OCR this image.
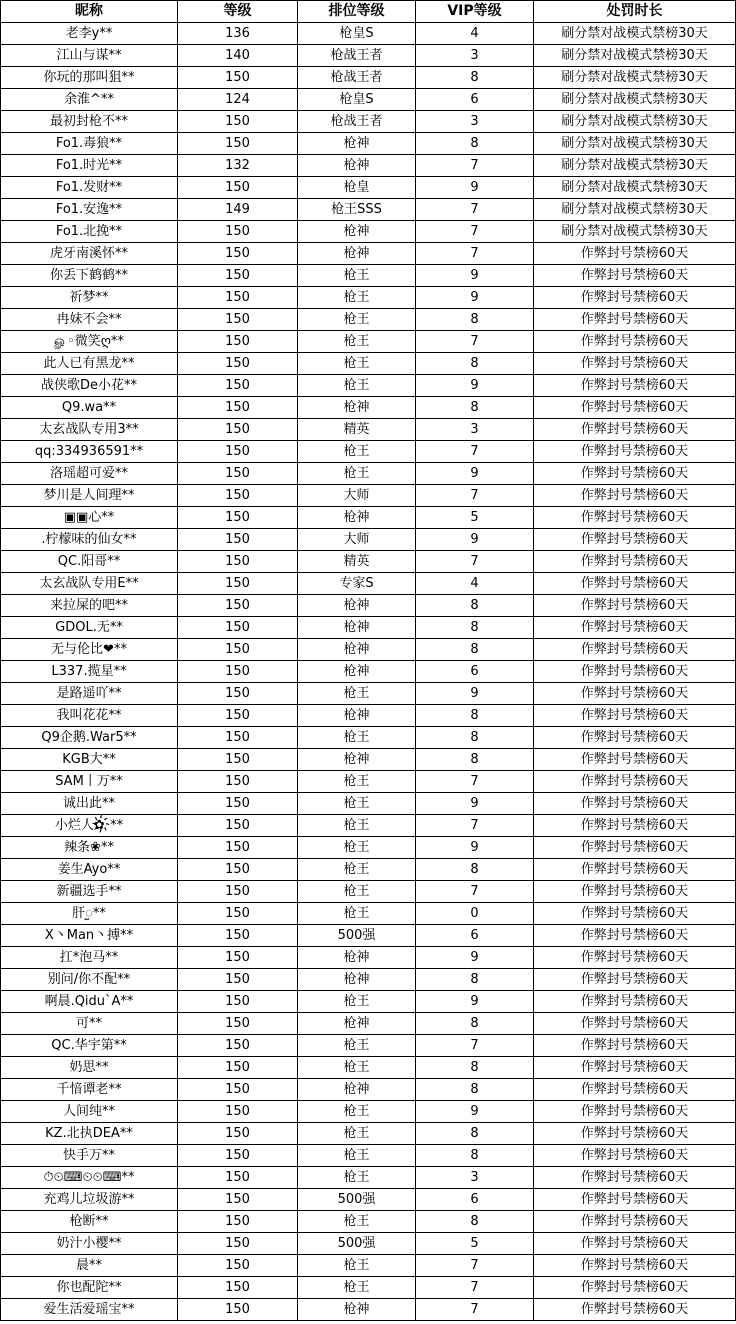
昵称	等级	排位等级	VIP等级	处罚时长
老李y**	136	枪皇S	4	刷分禁对战模式禁榜30天
江山与谋**	140	枪战王者	3	刷分禁对战模式禁榜30天
你玩的那叫狙**	150	枪战王者	8	刷分禁对战模式禁榜30天
余淮^**	124	枪皇S	6	刷分禁对战模式禁榜30天
最初封枪不**	150	枪战王者	3	刷分禁对战模式禁榜30天
Fo1.毒狼**	150	枪神	8	刷分禁对战模式禁榜30天
Fo1.时光**	132	枪神	7	刷分禁对战模式禁榜30天
Fo1.发财**	150	枪皇	9	刷分禁对战模式禁榜30天
Fo1.安逸**	149	枪王SSS	7	刷分禁对战模式禁榜30天
Fo1.北挽**	150	枪神	7	刷分禁对战模式禁榜30天
虎牙南溪怀**	150	枪神	7	作弊封号禁榜60天
你丢下鹤鹤**	150	枪王	9	作弊封号禁榜60天
祈梦**	150	枪王	9	作弊封号禁榜60天
冉妹不会**	150	枪王	8	作弊封号禁榜60天
ௐ◦微笑ღ**	150	枪王	7	作弊封号禁榜60天
此人已有黑龙**	150	枪王	8	作弊封号禁榜60天
战侠歌De小花**	150	枪王	9	作弊封号禁榜60天
Q9.wa**	150	枪神	8	作弊封号禁榜60天
太玄战队专用3**	150	精英	3	作弊封号禁榜60天
qq:334936591**	150	枪王	7	作弊封号禁榜60天
洛瑶超可爱**	150	枪王	9	作弊封号禁榜60天
梦川是人间理**	150	大师	7	作弊封号禁榜60天
▣▣心**	150	枪神	5	作弊封号禁榜60天
.柠檬味的仙女**	150	大师	9	作弊封号禁榜60天
QC.阳哥**	150	精英	7	作弊封号禁榜60天
太玄战队专用E**	150	专家S	4	作弊封号禁榜60天
来拉屎的吧**	150	枪神	8	作弊封号禁榜60天
GDOL.无**	150	枪神	8	作弊封号禁榜60天
无与伦比❤**	150	枪神	8	作弊封号禁榜60天
L337.揽星**	150	枪神	6	作弊封号禁榜60天
是路遥吖**	150	枪王	9	作弊封号禁榜60天
我叫花花**	150	枪神	8	作弊封号禁榜60天
Q9企鹅.War5**	150	枪王	8	作弊封号禁榜60天
KGB大**	150	枪神	8	作弊封号禁榜60天
SAM丨万**	150	枪王	7	作弊封号禁榜60天
诚出此**	150	枪王	9	作弊封号禁榜60天
小烂人✿҉**	150	枪王	7	作弊封号禁榜60天
辣条❀**	150	枪王	9	作弊封号禁榜60天
姜生Ayo**	150	枪王	8	作弊封号禁榜60天
新疆选手**	150	枪王	7	作弊封号禁榜60天
肝ꫬ**	150	枪王	0	作弊封号禁榜60天
X丶Man丶搏**	150	500强	6	作弊封号禁榜60天
扛*泡马**	150	枪神	9	作弊封号禁榜60天
别问/你不配**	150	枪神	8	作弊封号禁榜60天
啊晨.Qidu`A**	150	枪王	9	作弊封号禁榜60天
可**	150	枪神	8	作弊封号禁榜60天
QC.华宇第**	150	枪王	7	作弊封号禁榜60天
奶思**	150	枪王	8	作弊封号禁榜60天
千愔谭老**	150	枪神	8	作弊封号禁榜60天
人间纯**	150	枪王	9	作弊封号禁榜60天
KZ.北执DEA**	150	枪王	8	作弊封号禁榜60天
快手万**	150	枪王	8	作弊封号禁榜60天
⏱⏲⌨⏲⏲⌨**	150	枪王	3	作弊封号禁榜60天
充鸡儿垃圾游**	150	500强	6	作弊封号禁榜60天
枪断**	150	枪王	8	作弊封号禁榜60天
奶汁小樱**	150	500强	5	作弊封号禁榜60天
晨**	150	枪王	7	作弊封号禁榜60天
你也配陀**	150	枪王	7	作弊封号禁榜60天
爱生活爱瑶宝**	150	枪神	7	作弊封号禁榜60天
